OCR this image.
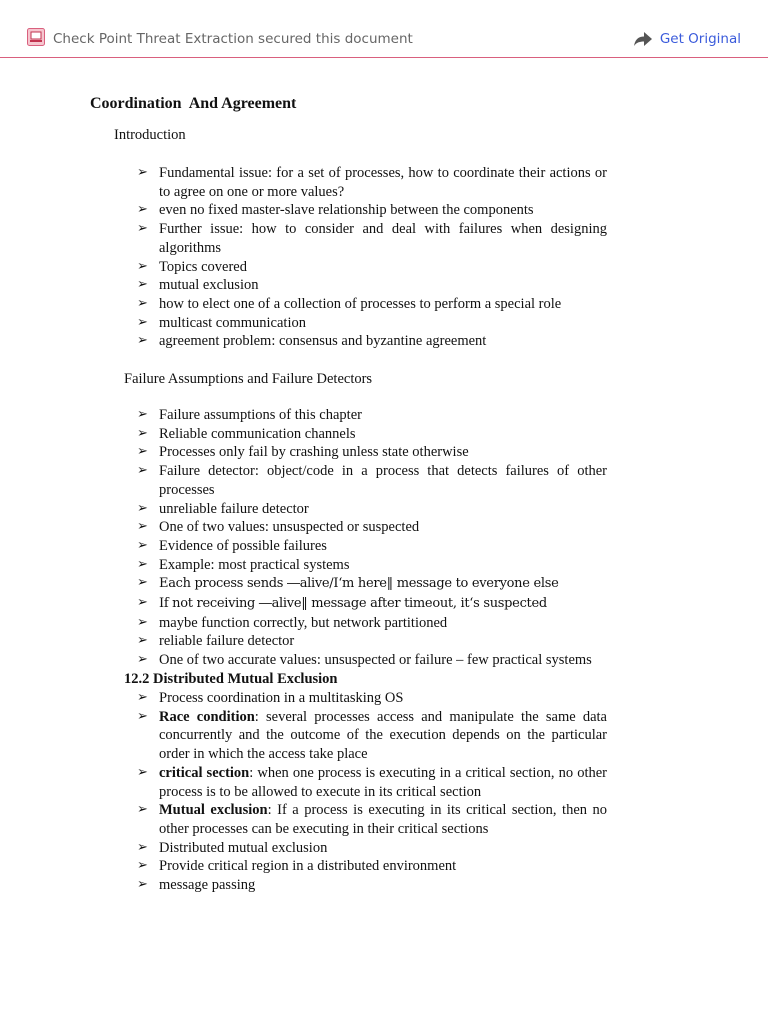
Check Point Threat Extraction secured this document	Get Original
Coordination  And Agreement
Introduction
➢ Fundamental issue: for a set of processes, how to coordinate their actions or to agree on one or more values?
➢ even no fixed master-slave relationship between the components
➢ Further issue: how to consider and deal with failures when designing algorithms
➢ Topics covered
➢ mutual exclusion
➢ how to elect one of a collection of processes to perform a special role
➢ multicast communication
➢ agreement problem: consensus and byzantine agreement
Failure Assumptions and Failure Detectors
➢ Failure assumptions of this chapter
➢ Reliable communication channels
➢ Processes only fail by crashing unless state otherwise
➢ Failure detector: object/code in a process that detects failures of other processes
➢ unreliable failure detector
➢ One of two values: unsuspected or suspected
➢ Evidence of possible failures
➢ Example: most practical systems
➢ Each process sends ―alive/I‘m here‖ message to everyone else
➢ If not receiving ―alive‖ message after timeout, it‘s suspected
➢ maybe function correctly, but network partitioned
➢ reliable failure detector
➢ One of two accurate values: unsuspected or failure – few practical systems
12.2 Distributed Mutual Exclusion
➢ Process coordination in a multitasking OS
➢ Race condition: several processes access and manipulate the same data concurrently and the outcome of the execution depends on the particular order in which the access take place
➢ critical section: when one process is executing in a critical section, no other process is to be allowed to execute in its critical section
➢ Mutual exclusion: If a process is executing in its critical section, then no other processes can be executing in their critical sections
➢ Distributed mutual exclusion
➢ Provide critical region in a distributed environment
➢ message passing
